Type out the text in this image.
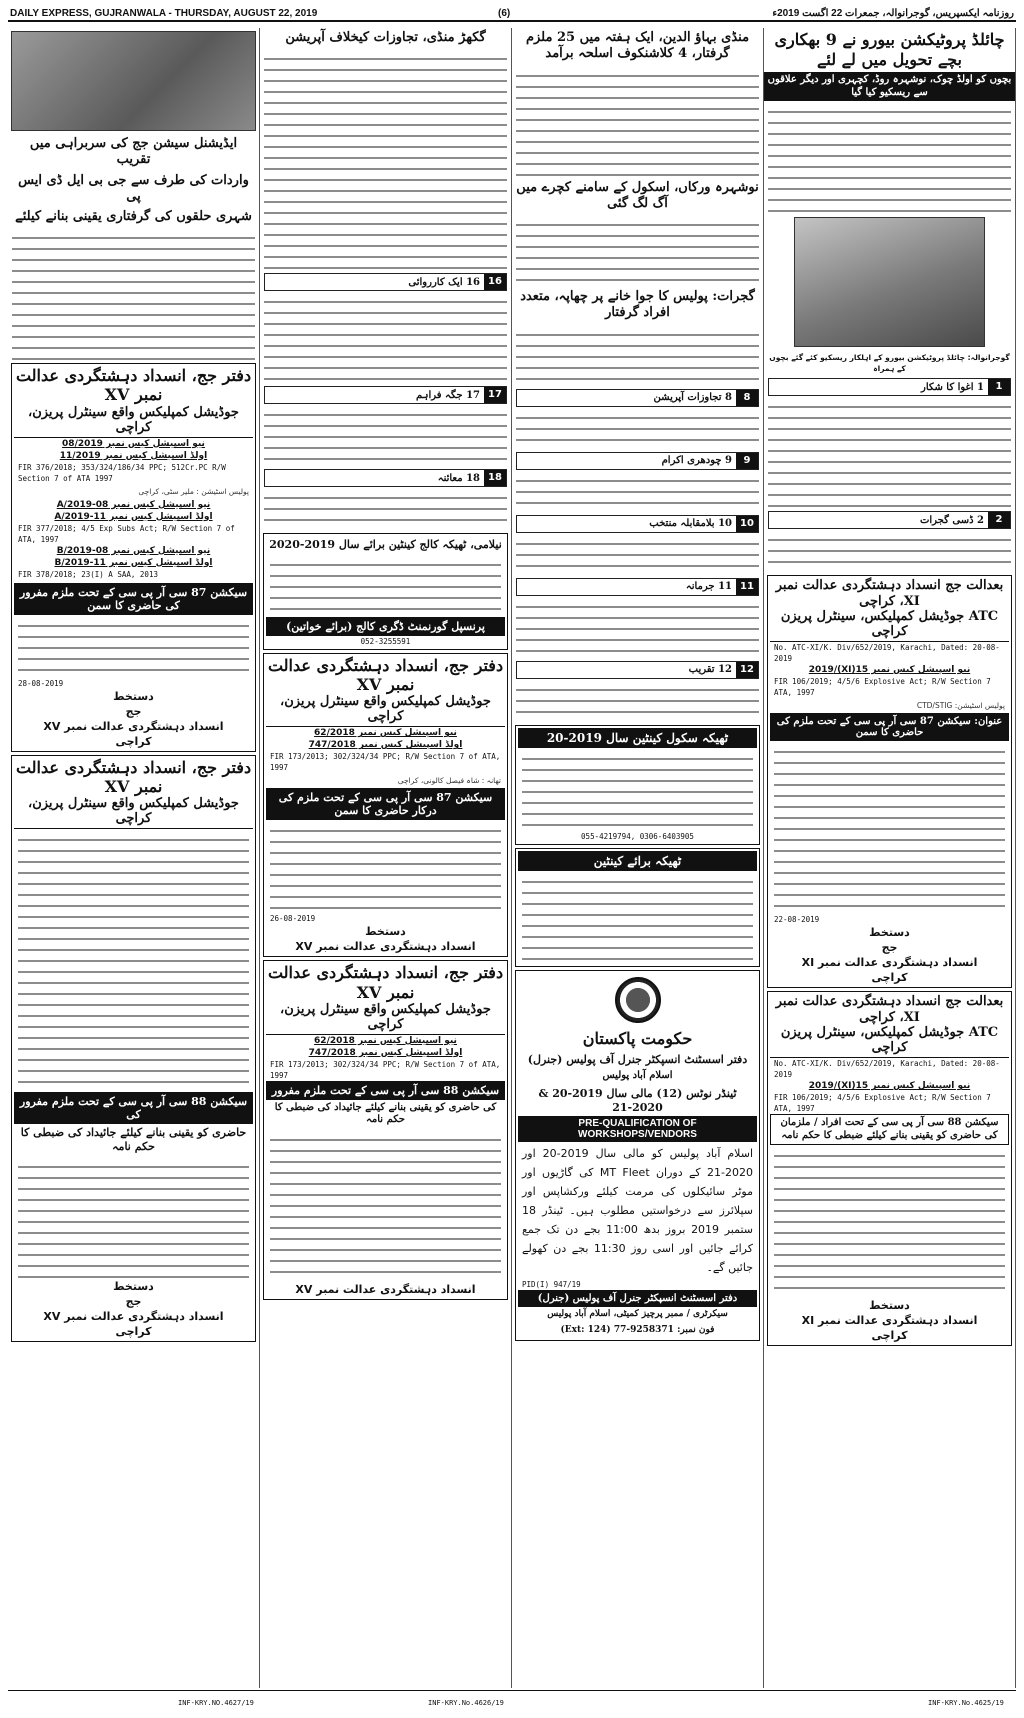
DAILY EXPRESS, GUJRANWALA - THURSDAY, AUGUST 22, 2019	(6)	روزنامہ ایکسپریس، گوجرانوالہ، جمعرات 22 اگست 2019ء
ایڈیشنل سیشن جج کی سربراہی میں تقریب
واردات کی طرف سے جی بی ایل ڈی ایس پی
شہری حلقوں کی گرفتاری یقینی بنانے کیلئے
دفتر جج، انسداد دہشتگردی عدالت نمبر XV
جوڈیشل کمپلیکس واقع سینٹرل پریزن، کراچی
نیو اسپیشل کیس نمبر 08/2019
اولڈ اسپیشل کیس نمبر 11/2019
FIR 376/2018; 353/324/186/34 PPC; 512Cr.PC R/W Section 7 of ATA 1997
پولیس اسٹیشن : ملیر سٹی، کراچی
نیو اسپیشل کیس نمبر 08-A/2019
اولڈ اسپیشل کیس نمبر 11-A/2019
FIR 377/2018; 4/5 Exp Subs Act; R/W Section 7 of ATA, 1997
نیو اسپیشل کیس نمبر 08-B/2019
اولڈ اسپیشل کیس نمبر 11-B/2019
FIR 378/2018; 23(I) A SAA, 2013
سیکشن 87 سی آر پی سی کے تحت ملزم مفرور کی حاضری کا سمن
28-08-2019
دستخط
جج
انسداد دہشتگردی عدالت نمبر XV
کراچی
دفتر جج، انسداد دہشتگردی عدالت نمبر XV
جوڈیشل کمپلیکس واقع سینٹرل پریزن، کراچی
سیکشن 88 سی آر پی سی کے تحت ملزم مفرور کی
حاضری کو یقینی بنانے کیلئے جائیداد کی ضبطی کا حکم نامہ
دستخط
جج
انسداد دہشتگردی عدالت نمبر XV
کراچی
گکھڑ منڈی، تجاوزات کیخلاف آپریشن
16
16 ایک کارروائی
17
17 جگہ فراہم
18
18 معائنہ
نیلامی، ٹھیکہ کالج کینٹین برائے سال 2019-2020
پرنسپل گورنمنٹ ڈگری کالج (برائے خواتین)
052-3255591
دفتر جج، انسداد دہشتگردی عدالت نمبر XV
جوڈیشل کمپلیکس واقع سینٹرل پریزن، کراچی
نیو اسپیشل کیس نمبر 62/2018
اولڈ اسپیشل کیس نمبر 747/2018
FIR 173/2013; 302/324/34 PPC; R/W Section 7 of ATA, 1997
تھانہ : شاہ فیصل کالونی، کراچی
سیکشن 87 سی آر پی سی کے تحت ملزم کی درکار حاضری کا سمن
26-08-2019
دستخط
انسداد دہشتگردی عدالت نمبر XV
دفتر جج، انسداد دہشتگردی عدالت نمبر XV
جوڈیشل کمپلیکس واقع سینٹرل پریزن، کراچی
نیو اسپیشل کیس نمبر 62/2018
اولڈ اسپیشل کیس نمبر 747/2018
FIR 173/2013; 302/324/34 PPC; R/W Section 7 of ATA, 1997
سیکشن 88 سی آر پی سی کے تحت ملزم مفرور
کی حاضری کو یقینی بنانے کیلئے جائیداد کی ضبطی کا حکم نامہ
انسداد دہشتگردی عدالت نمبر XV
منڈی بہاؤ الدین، ایک ہفتہ میں 25 ملزم گرفتار، 4 کلاشنکوف اسلحہ برآمد
نوشہرہ ورکاں، اسکول کے سامنے کچرے میں آگ لگ گئی
گجرات: پولیس کا جوا خانے پر چھاپہ، متعدد افراد گرفتار
8
8 تجاوزات آپریشن
9
9 چودھری اکرام
10
10 بلامقابلہ منتخب
11
11 جرمانہ
12
12 تقریب
ٹھیکہ سکول کینٹین سال 2019-20
055-4219794, 0306-6403905
ٹھیکہ برائے کینٹین
حکومت پاکستان
دفتر اسسٹنٹ انسپکٹر جنرل آف پولیس (جنرل)
اسلام آباد پولیس
ٹینڈر نوٹس (12) مالی سال 2019-20 & 2020-21
PRE-QUALIFICATION OF WORKSHOPS/VENDORS
اسلام آباد پولیس کو مالی سال 2019-20 اور 2020-21 کے دوران MT Fleet کی گاڑیوں اور موٹر سائیکلوں کی مرمت کیلئے ورکشاپس اور سپلائرز سے درخواستیں مطلوب ہیں۔ ٹینڈر 18 ستمبر 2019 بروز بدھ 11:00 بجے دن تک جمع کرائے جائیں اور اسی روز 11:30 بجے دن کھولے جائیں گے۔
PID(I) 947/19
دفتر اسسٹنٹ انسپکٹر جنرل آف پولیس (جنرل)
سیکرٹری / ممبر پرچیز کمیٹی، اسلام آباد پولیس
فون نمبر: 9258371-77 (Ext: 124)
چائلڈ پروٹیکشن بیورو نے 9 بھکاری بچے تحویل میں لے لئے
بچوں کو اولڈ چوک، نوشہرہ روڈ، کچہری اور دیگر علاقوں سے ریسکیو کیا گیا
گوجرانوالہ: چائلڈ پروٹیکشن بیورو کے اہلکار ریسکیو کئے گئے بچوں کے ہمراہ
1
1 اغوا کا شکار
2
2 ڈسی گجرات
بعدالت جج انسداد دہشتگردی عدالت نمبر XI، کراچی
ATC جوڈیشل کمپلیکس، سینٹرل پریزن کراچی
No. ATC-XI/K. Div/652/2019, Karachi, Dated: 20-08-2019
نیو اسپیشل کیس نمبر 15(XI)/2019
FIR 106/2019; 4/5/6 Explosive Act; R/W Section 7 ATA, 1997
پولیس اسٹیشن: CTD/STIG
عنوان: سیکشن 87 سی آر پی سی کے تحت ملزم کی حاضری کا سمن
22-08-2019
دستخط
جج
انسداد دہشتگردی عدالت نمبر XI
کراچی
بعدالت جج انسداد دہشتگردی عدالت نمبر XI، کراچی
ATC جوڈیشل کمپلیکس، سینٹرل پریزن کراچی
No. ATC-XI/K. Div/652/2019, Karachi, Dated: 20-08-2019
نیو اسپیشل کیس نمبر 15(XI)/2019
FIR 106/2019; 4/5/6 Explosive Act; R/W Section 7 ATA, 1997
سیکشن 88 سی آر پی سی کے تحت افراد / ملزمان کی حاضری کو یقینی بنانے کیلئے ضبطی کا حکم نامہ
دستخط
انسداد دہشتگردی عدالت نمبر XI
کراچی
INF-KRY.NO.4627/19	INF-KRY.No.4626/19	INF-KRY.No.4625/19
